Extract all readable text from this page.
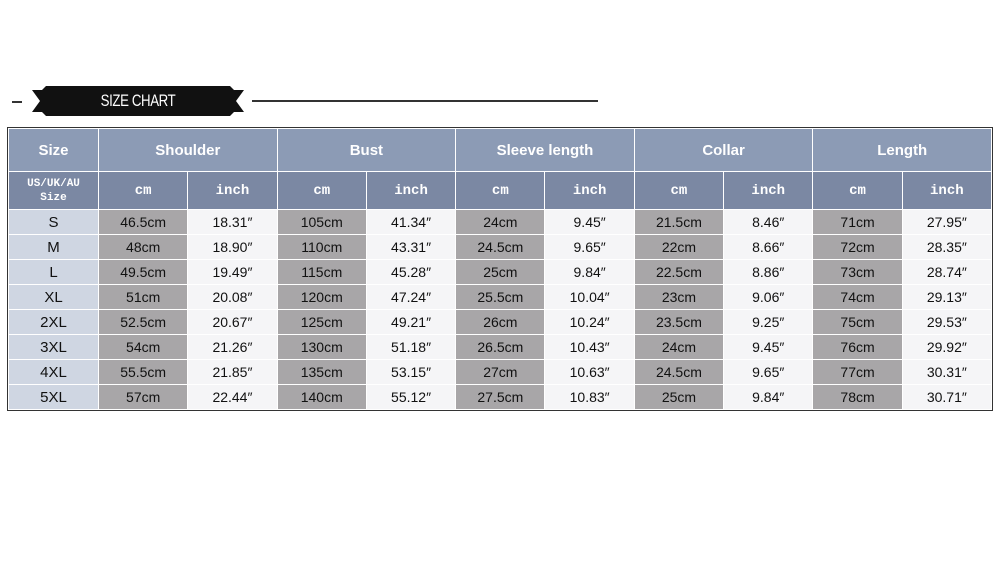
SIZE CHART
Size	Shoulder		Bust		Sleeve length		Collar		Length	

US/UK/AU
Size	cm	inch	cm	inch	cm	inch	cm	inch	cm	inch
S	46.5cm	18.31″	105cm	41.34″	24cm	9.45″	21.5cm	8.46″	71cm	27.95″
M	48cm	18.90″	110cm	43.31″	24.5cm	9.65″	22cm	8.66″	72cm	28.35″
L	49.5cm	19.49″	115cm	45.28″	25cm	9.84″	22.5cm	8.86″	73cm	28.74″
XL	51cm	20.08″	120cm	47.24″	25.5cm	10.04″	23cm	9.06″	74cm	29.13″
2XL	52.5cm	20.67″	125cm	49.21″	26cm	10.24″	23.5cm	9.25″	75cm	29.53″
3XL	54cm	21.26″	130cm	51.18″	26.5cm	10.43″	24cm	9.45″	76cm	29.92″
4XL	55.5cm	21.85″	135cm	53.15″	27cm	10.63″	24.5cm	9.65″	77cm	30.31″
5XL	57cm	22.44″	140cm	55.12″	27.5cm	10.83″	25cm	9.84″	78cm	30.71″
